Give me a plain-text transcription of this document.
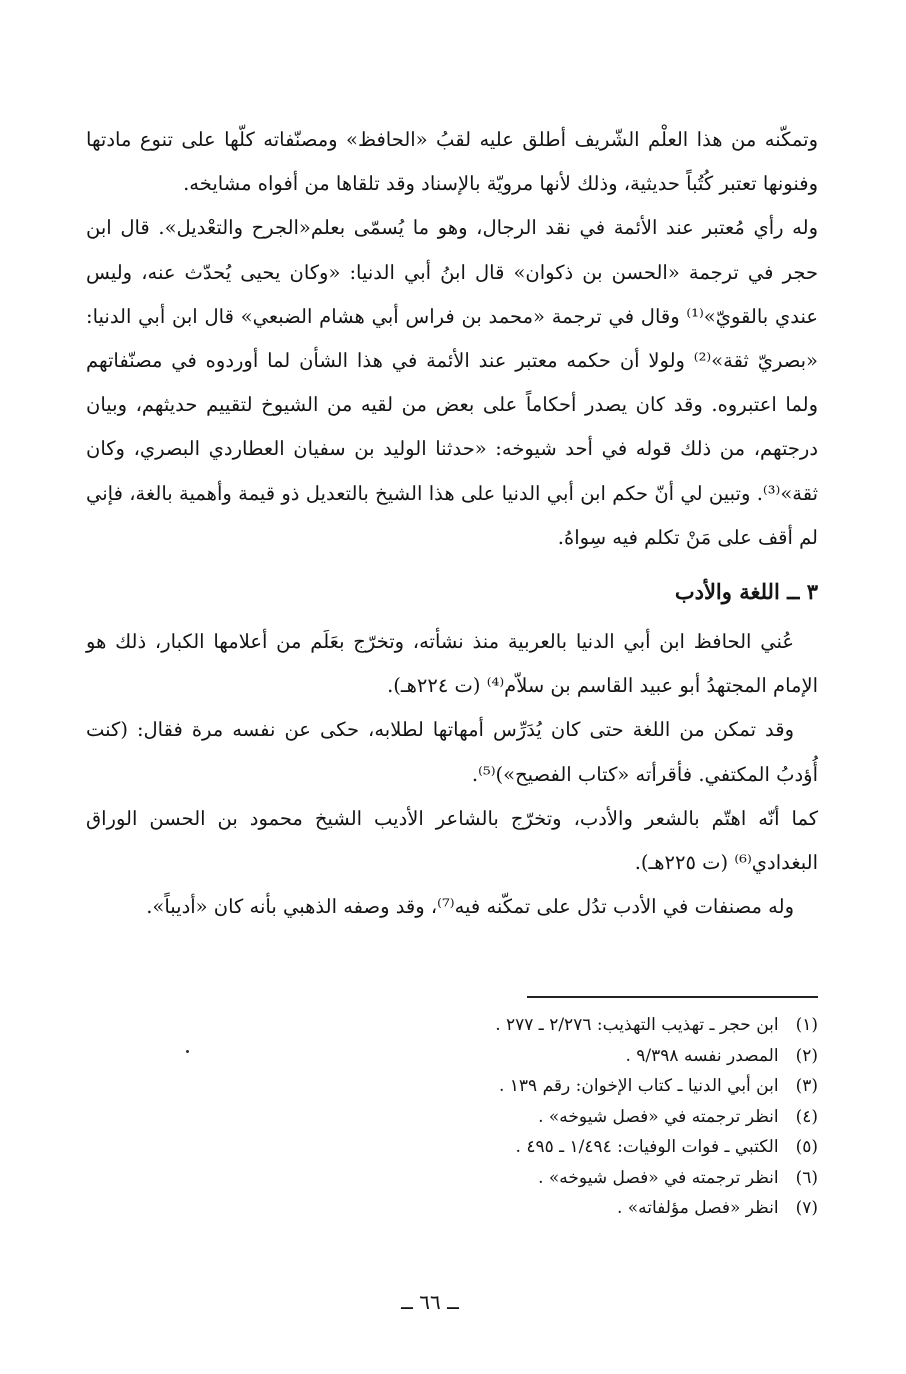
وتمكّنه من هذا العلْم الشّريف أطلق عليه لقبُ «الحافظ» ومصنّفاته كلّها على تنوع مادتها وفنونها تعتبر كُتُباً حديثية، وذلك لأنها مرويّة بالإسناد وقد تلقاها من أفواه مشايخه.

وله رأي مُعتبر عند الأئمة في نقد الرجال، وهو ما يُسمّى بعلم«الجرح والتعْديل». قال ابن حجر في ترجمة «الحسن بن ذكوان» قال ابنُ أبي الدنيا: «وكان يحيى يُحدّث عنه، وليس عندي بالقويّ»⁽¹⁾ وقال في ترجمة «محمد بن فراس أبي هشام الضبعي» قال ابن أبي الدنيا: «بصريّ ثقة»⁽²⁾ ولولا أن حكمه معتبر عند الأئمة في هذا الشأن لما أوردوه في مصنّفاتهم ولما اعتبروه. وقد كان يصدر أحكاماً على بعض من لقيه من الشيوخ لتقييم حديثهم، وبيان درجتهم، من ذلك قوله في أحد شيوخه: «حدثنا الوليد بن سفيان العطاردي البصري، وكان ثقة»⁽³⁾. وتبين لي أنّ حكم ابن أبي الدنيا على هذا الشيخ بالتعديل ذو قيمة وأهمية بالغة، فإني لم أقف على مَنْ تكلم فيه سِواهُ.

٣ ــ اللغة والأدب

عُني الحافظ ابن أبي الدنيا بالعربية منذ نشأته، وتخرّج بعَلَم من أعلامها الكبار، ذلك هو الإمام المجتهدُ أبو عبيد القاسم بن سلاّم⁽⁴⁾ (ت ٢٢٤هـ).

وقد تمكن من اللغة حتى كان يُدَرِّس أمهاتها لطلابه، حكى عن نفسه مرة فقال: (كنت أُؤدبُ المكتفي. فأقرأته «كتاب الفصيح»)⁽⁵⁾.

كما أنّه اهتّم بالشعر والأدب، وتخرّج بالشاعر الأديب الشيخ محمود بن الحسن الوراق البغدادي⁽⁶⁾ (ت ٢٢٥هـ).

وله مصنفات في الأدب تدُل على تمكّنه فيه⁽⁷⁾، وقد وصفه الذهبي بأنه كان «أديباً».

(١) ابن حجر ـ تهذيب التهذيب: ٢/٢٧٦ ـ ٢٧٧ .

(٢) المصدر نفسه ٩/٣٩٨ .

(٣) ابن أبي الدنيا ـ كتاب الإخوان: رقم ١٣٩ .

(٤) انظر ترجمته في «فصل شيوخه» .

(٥) الكتبي ـ فوات الوفيات: ١/٤٩٤ ـ ٤٩٥ .

(٦) انظر ترجمته في «فصل شيوخه» .

(٧) انظر «فصل مؤلفاته» .

ــ ٦٦ ــ
